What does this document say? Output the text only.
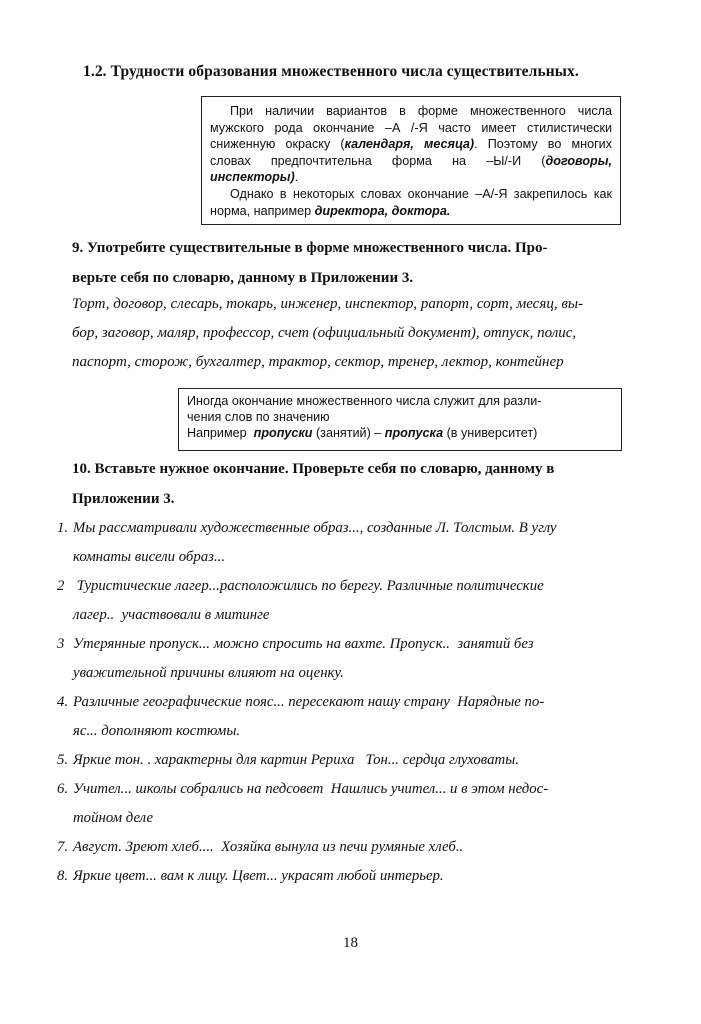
1.2. Трудности образования множественного числа существительных.

При наличии вариантов в форме множественного числа мужского рода окончание –А /-Я часто имеет стилистически сниженную окраску (календаря, месяца). Поэтому во многих словах предпочтительна форма на –Ы/-И (договоры, инспекторы).

Однако в некоторых словах окончание –А/-Я закрепилось как норма, например директора, доктора.

9. Употребите существительные в форме множественного числа. Про-
верьте себя по словарю, данному в Приложении 3.
Торт, договор, слесарь, токарь, инженер, инспектор, рапорт, сорт, месяц, вы-
бор, заговор, маляр, профессор, счет (официальный документ), отпуск, полис,
паспорт, сторож, бухгалтер, трактор, сектор, тренер, лектор, контейнер
Иногда окончание множественного числа служит для разли-
чения слов по значению
Например  пропуски (занятий) – пропуска (в университет)
10. Вставьте нужное окончание. Проверьте себя по словарю, данному в
Приложении 3.
1. Мы рассматривали художественные образ..., созданные Л. Толстым. В углу
комнаты висели образ...
2 Туристические лагер...расположились по берегу. Различные политические
лагер..  участвовали в митинге
3 Утерянные пропуск... можно спросить на вахте. Пропуск..  занятий без
уважительной причины влияют на оценку.
4. Различные географические пояс... пересекают нашу страну  Нарядные по-
яс... дополняют костюмы.
5. Яркие тон. . характерны для картин Рериха   Тон... сердца глуховаты.
6. Учител... школы собрались на педсовет  Нашлись учител... и в этом недос-
тойном деле
7. Август. Зреют хлеб....  Хозяйка вынула из печи румяные хлеб..
8. Яркие цвет... вам к лицу. Цвет... украсят любой интерьер.
18
